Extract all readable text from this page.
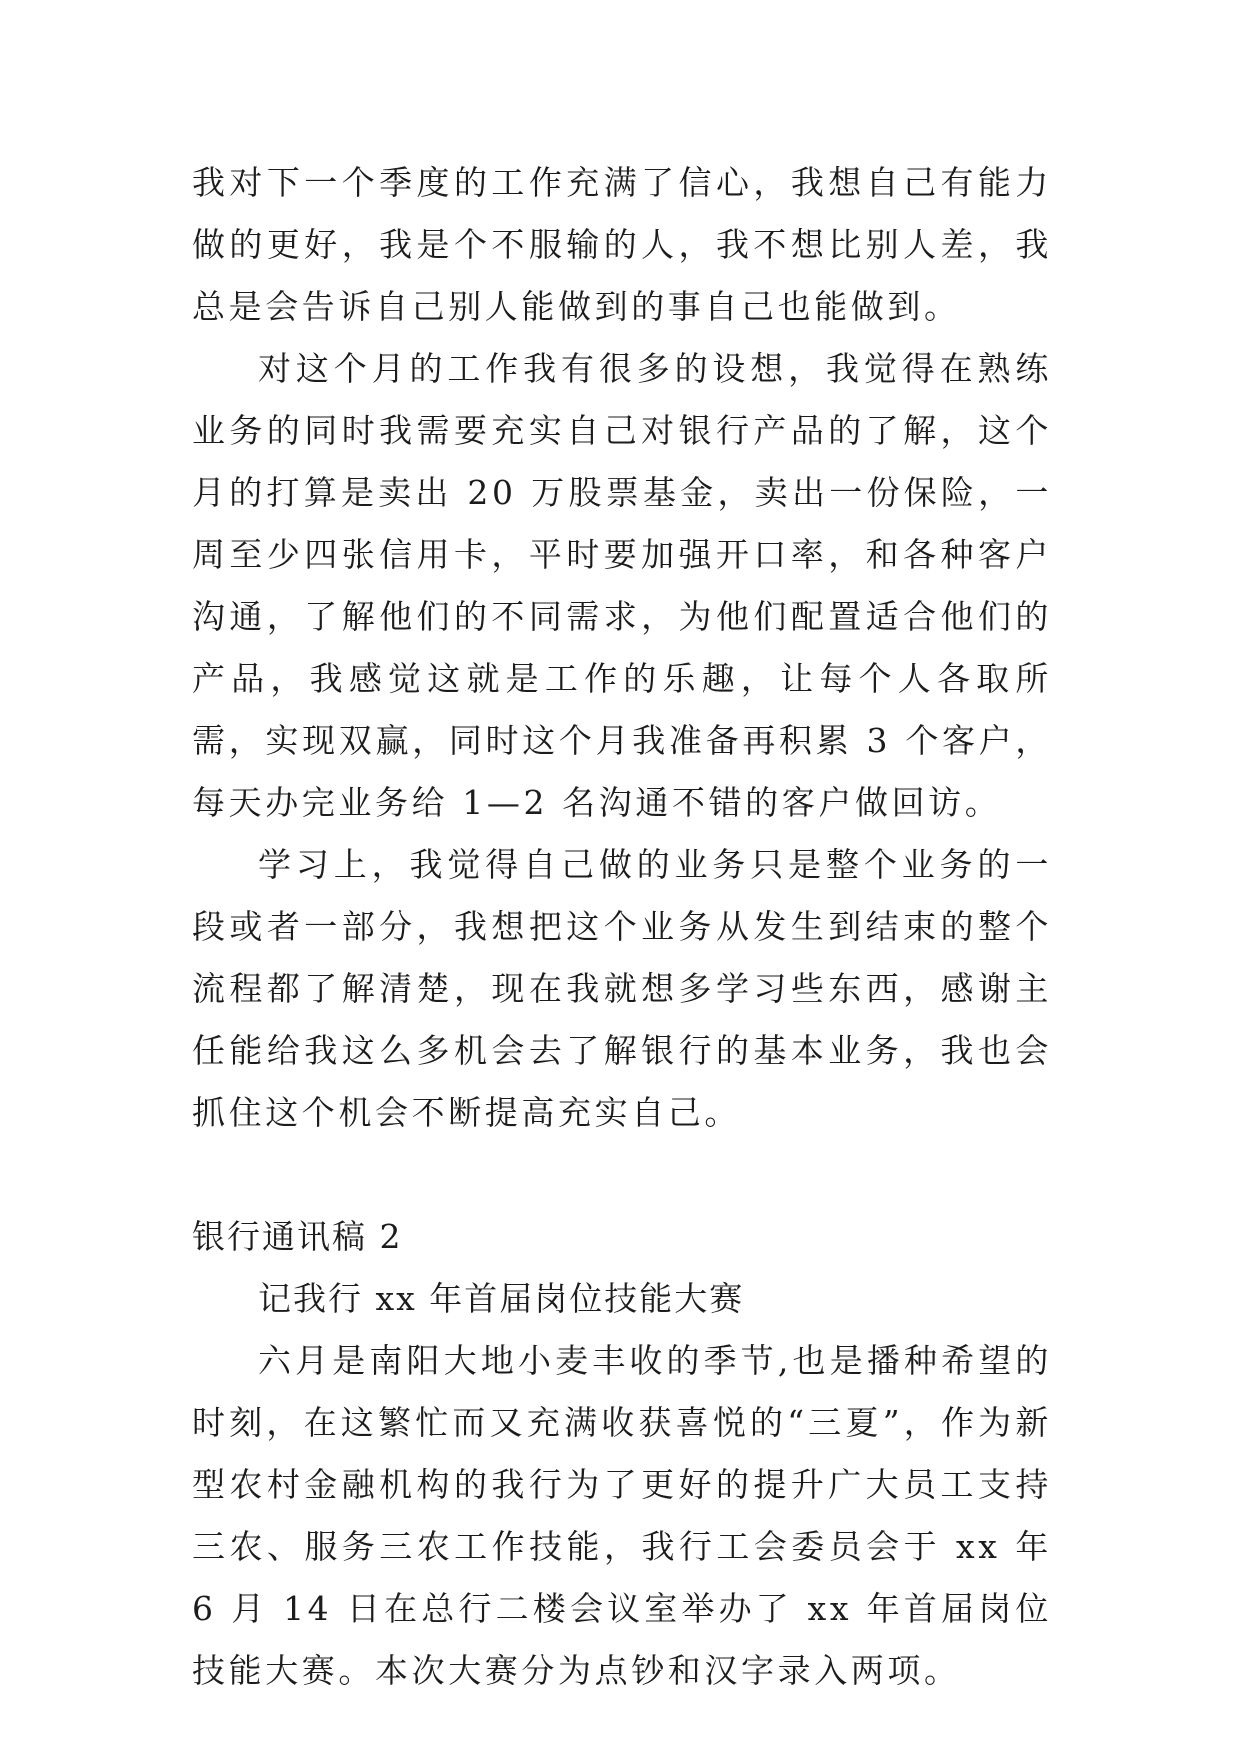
我对下一个季度的工作充满了信心，我想自己有能力做的更好，我是个不服输的人，我不想比别人差，我总是会告诉自己别人能做到的事自己也能做到。

对这个月的工作我有很多的设想，我觉得在熟练业务的同时我需要充实自己对银行产品的了解，这个月的打算是卖出 20 万股票基金，卖出一份保险，一周至少四张信用卡，平时要加强开口率，和各种客户沟通，了解他们的不同需求，为他们配置适合他们的产品，我感觉这就是工作的乐趣，让每个人各取所需，实现双赢，同时这个月我准备再积累 3 个客户，每天办完业务给 1—2 名沟通不错的客户做回访。

学习上，我觉得自己做的业务只是整个业务的一段或者一部分，我想把这个业务从发生到结束的整个流程都了解清楚，现在我就想多学习些东西，感谢主任能给我这么多机会去了解银行的基本业务，我也会抓住这个机会不断提高充实自己。

银行通讯稿 2

记我行 xx 年首届岗位技能大赛

六月是南阳大地小麦丰收的季节,也是播种希望的时刻，在这繁忙而又充满收获喜悦的“三夏”，作为新型农村金融机构的我行为了更好的提升广大员工支持三农、服务三农工作技能，我行工会委员会于 xx 年 6 月 14 日在总行二楼会议室举办了 xx 年首届岗位技能大赛。本次大赛分为点钞和汉字录入两项。
